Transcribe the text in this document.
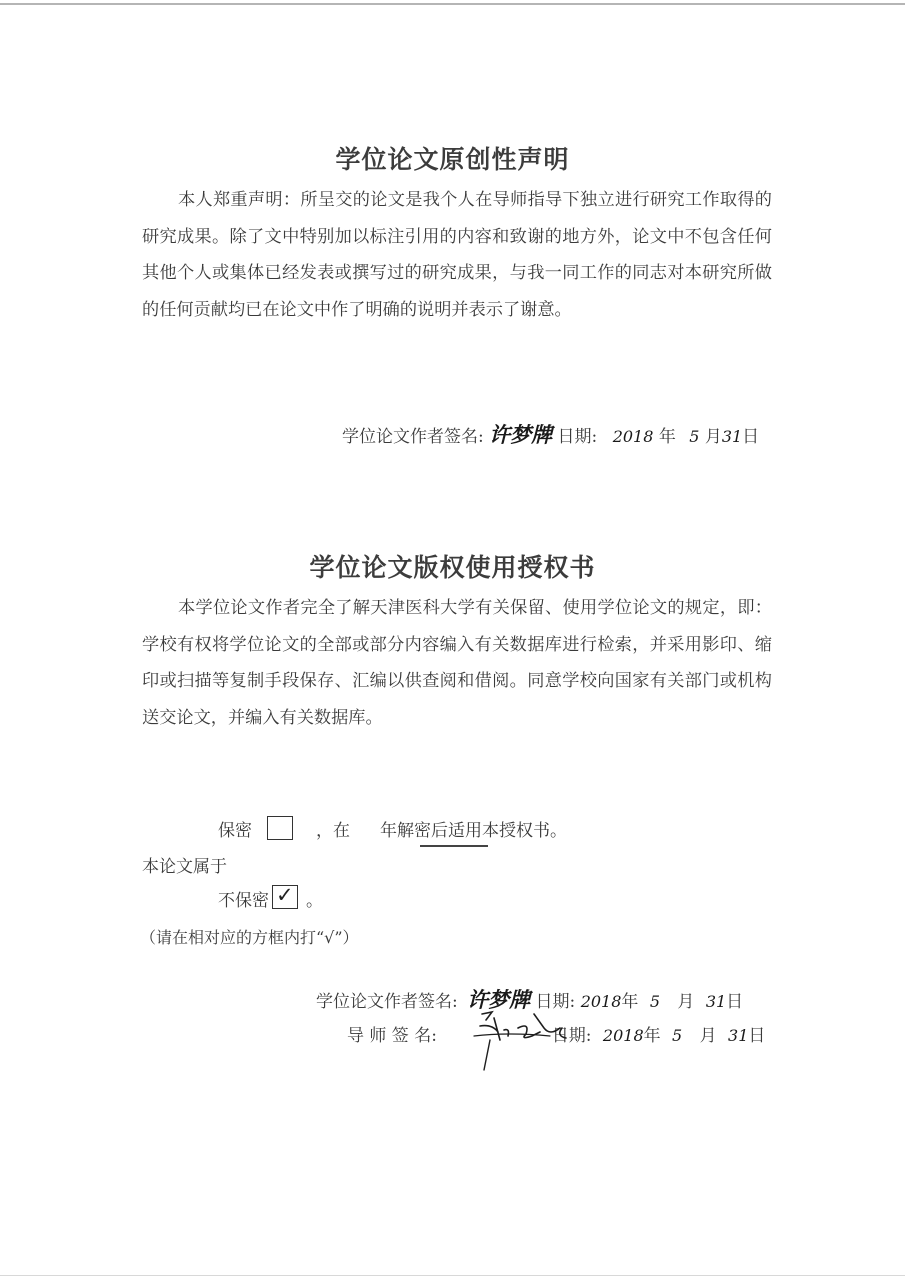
学位论文原创性声明

本人郑重声明：所呈交的论文是我个人在导师指导下独立进行研究工作取得的研究成果。除了文中特别加以标注引用的内容和致谢的地方外，论文中不包含任何其他个人或集体已经发表或撰写过的研究成果，与我一同工作的同志对本研究所做的任何贡献均已在论文中作了明确的说明并表示了谢意。

学位论文作者签名: 许梦牌 日期: 2018 年 5 月31日
学位论文版权使用授权书

本学位论文作者完全了解天津医科大学有关保留、使用学位论文的规定，即：学校有权将学位论文的全部或部分内容编入有关数据库进行检索，并采用影印、缩印或扫描等复制手段保存、汇编以供查阅和借阅。同意学校向国家有关部门或机构送交论文，并编入有关数据库。

保密	，在 年解密后适用本授权书。
本论文属于
不保密 ✓ 。
（请在相对应的方框内打“√”）
学位论文作者签名: 许梦牌 日期: 2018年 5 月 31日
导 师 签 名:	日期: 2018年 5 月 31日
